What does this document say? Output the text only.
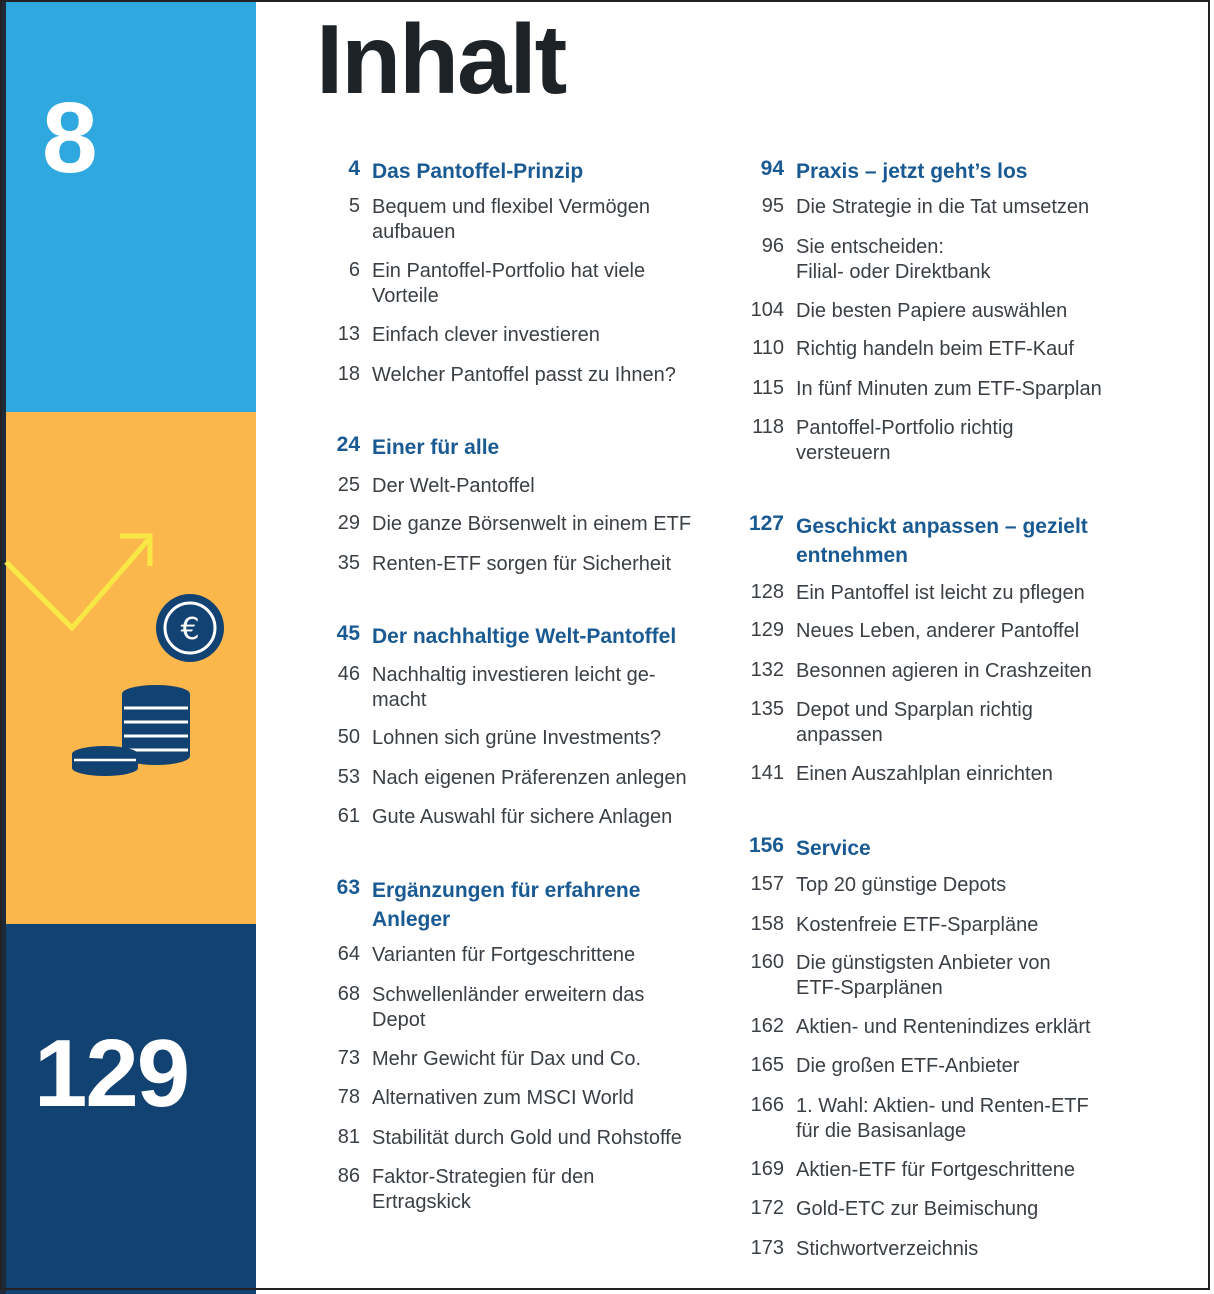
8
129
€
Inhalt
4 Das Pantoffel-Prinzip
5 Bequem und flexibel Vermögen
aufbauen
6 Ein Pantoffel-Portfolio hat viele
Vorteile
13 Einfach clever investieren
18 Welcher Pantoffel passt zu Ihnen?
24 Einer für alle
25 Der Welt-Pantoffel
29 Die ganze Börsenwelt in einem ETF
35 Renten-ETF sorgen für Sicherheit
45 Der nachhaltige Welt-Pantoffel
46 Nachhaltig investieren leicht ge-
macht
50 Lohnen sich grüne Investments?
53 Nach eigenen Präferenzen anlegen
61 Gute Auswahl für sichere Anlagen
63 Ergänzungen für erfahrene
Anleger
64 Varianten für Fortgeschrittene
68 Schwellenländer erweitern das
Depot
73 Mehr Gewicht für Dax und Co.
78 Alternativen zum MSCI World
81 Stabilität durch Gold und Rohstoffe
86 Faktor-Strategien für den
Ertragskick
94 Praxis – jetzt geht’s los
95 Die Strategie in die Tat umsetzen
96 Sie entscheiden:
Filial- oder Direktbank
104 Die besten Papiere auswählen
110 Richtig handeln beim ETF-Kauf
115 In fünf Minuten zum ETF-Sparplan
118 Pantoffel-Portfolio richtig
versteuern
127 Geschickt anpassen – gezielt
entnehmen
128 Ein Pantoffel ist leicht zu pflegen
129 Neues Leben, anderer Pantoffel
132 Besonnen agieren in Crashzeiten
135 Depot und Sparplan richtig
anpassen
141 Einen Auszahlplan einrichten
156 Service
157 Top 20 günstige Depots
158 Kostenfreie ETF-Sparpläne
160 Die günstigsten Anbieter von
ETF-Sparplänen
162 Aktien- und Rentenindizes erklärt
165 Die großen ETF-Anbieter
166 1. Wahl: Aktien- und Renten-ETF
für die Basisanlage
169 Aktien-ETF für Fortgeschrittene
172 Gold-ETC zur Beimischung
173 Stichwortverzeichnis
